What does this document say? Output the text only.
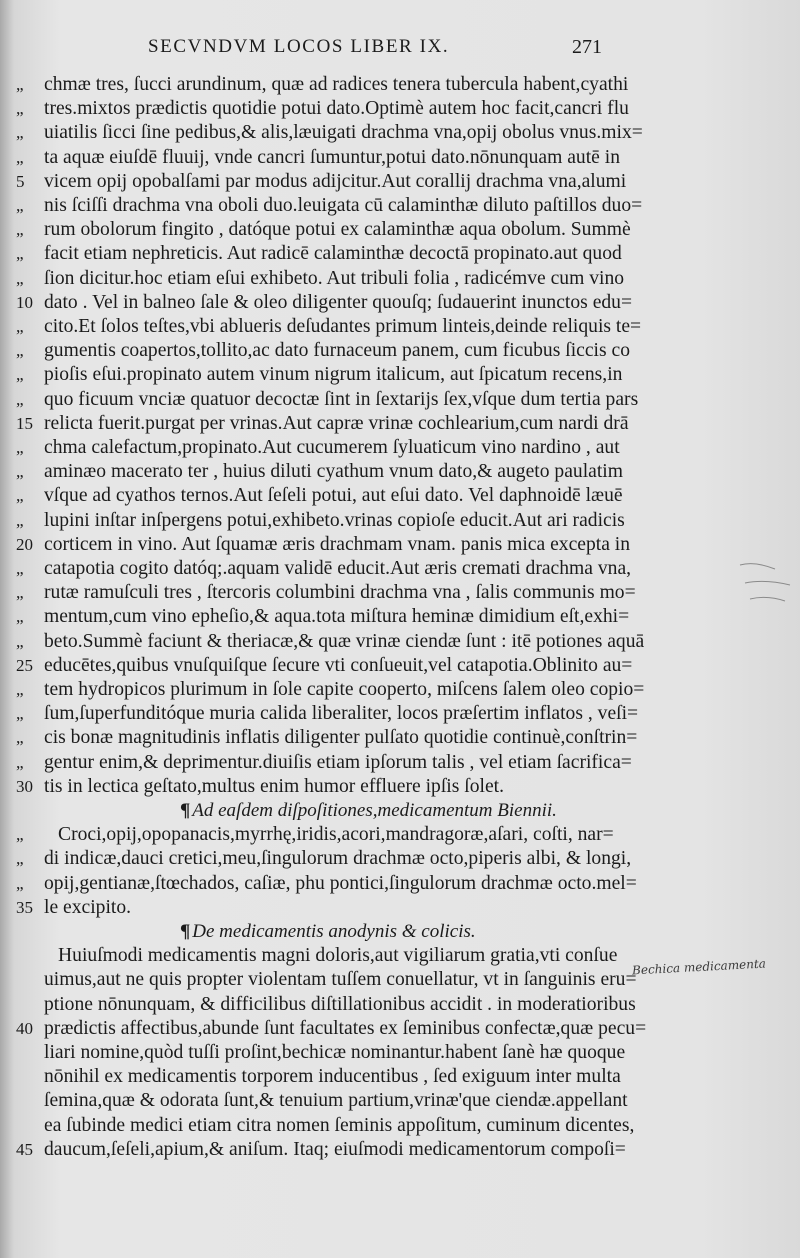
SECVNDVM LOCOS LIBER IX.	271
„	chmæ tres, ſucci arundinum, quæ ad radices tenera tubercula habent,cyathi
„	tres.mixtos prædictis quotidie potui dato.Optimè autem hoc facit,cancri flu
„	uiatilis ſicci ſine pedibus,& alis,læuigati drachma vna,opij obolus vnus.mix=
„	ta aquæ eiuſdē fluuij, vnde cancri ſumuntur,potui dato.nōnunquam autē in
5 vicem opij opobalſami par modus adijcitur.Aut corallij drachma vna,alumi
„	nis ſciſſi drachma vna oboli duo.leuigata cū calaminthæ diluto paſtillos duo=
„	rum obolorum fingito , datóque potui ex calaminthæ aqua obolum. Summè
„	facit etiam nephreticis. Aut radicē calaminthæ decoctā propinato.aut quod
„	ſion dicitur.hoc etiam eſui exhibeto. Aut tribuli folia , radicémve cum vino
10 dato . Vel in balneo ſale & oleo diligenter quouſq; ſudauerint inunctos edu=
„	cito.Et ſolos teſtes,vbi ablueris deſudantes primum linteis,deinde reliquis te=
„	gumentis coapertos,tollito,ac dato furnaceum panem, cum ficubus ſiccis co
„	pioſis eſui.propinato autem vinum nigrum italicum, aut ſpicatum recens,in
„	quo ficuum vnciæ quatuor decoctæ ſint in ſextarijs ſex,vſque dum tertia pars
15 relicta fuerit.purgat per vrinas.Aut capræ vrinæ cochlearium,cum nardi drā
„	chma calefactum,propinato.Aut cucumerem ſyluaticum vino nardino , aut
„	aminæo macerato ter , huius diluti cyathum vnum dato,& augeto paulatim
„	vſque ad cyathos ternos.Aut ſeſeli potui, aut eſui dato. Vel daphnoidē læuē
„	lupini inſtar inſpergens potui,exhibeto.vrinas copioſe educit.Aut ari radicis
20 corticem in vino. Aut ſquamæ æris drachmam vnam. panis mica excepta in
„	catapotia cogito datóq;.aquam validē educit.Aut æris cremati drachma vna,
„	rutæ ramuſculi tres , ſtercoris columbini drachma vna , ſalis communis mo=
„	mentum,cum vino epheſio,& aqua.tota miſtura heminæ dimidium eſt,exhi=
„	beto.Summè faciunt & theriacæ,& quæ vrinæ ciendæ ſunt : itē potiones aquā
25 educētes,quibus vnuſquiſque ſecure vti conſueuit,vel catapotia.Oblinito au=
„	tem hydropicos plurimum in ſole capite cooperto, miſcens ſalem oleo copio=
„	ſum,ſuperfunditóque muria calida liberaliter, locos præſertim inflatos , veſi=
„	cis bonæ magnitudinis inflatis diligenter pulſato quotidie continuè,conſtrin=
„	gentur enim,& deprimentur.diuiſis etiam ipſorum talis , vel etiam ſacrifica=
30 tis in lectica geſtato,multus enim humor effluere ipſis ſolet.
¶ Ad eaſdem diſpoſitiones,medicamentum Biennii.
„	Croci,opij,opopanacis,myrrhę,iridis,acori,mandragoræ,aſari, coſti, nar=
„	di indicæ,dauci cretici,meu,ſingulorum drachmæ octo,piperis albi, & longi,
„	opij,gentianæ,ſtœchados, caſiæ, phu pontici,ſingulorum drachmæ octo.mel=
35 le excipito.
¶ De medicamentis anodynis & colicis.
Huiuſmodi medicamentis magni doloris,aut vigiliarum gratia,vti conſue
uimus,aut ne quis propter violentam tuſſem conuellatur, vt in ſanguinis eru=
ptione nōnunquam, & difficilibus diſtillationibus accidit . in moderatioribus
40 prædictis affectibus,abunde ſunt facultates ex ſeminibus confectæ,quæ pecu=
liari nomine,quòd tuſſi proſint,bechicæ nominantur.habent ſanè hæ quoque
nōnihil ex medicamentis torporem inducentibus , ſed exiguum inter multa
ſemina,quæ & odorata ſunt,& tenuium partium,vrinæ'que ciendæ.appellant
ea ſubinde medici etiam citra nomen ſeminis appoſitum, cuminum dicentes,
45 daucum,ſeſeli,apium,& aniſum. Itaq; eiuſmodi medicamentorum compoſi=
Bechica medicamenta
